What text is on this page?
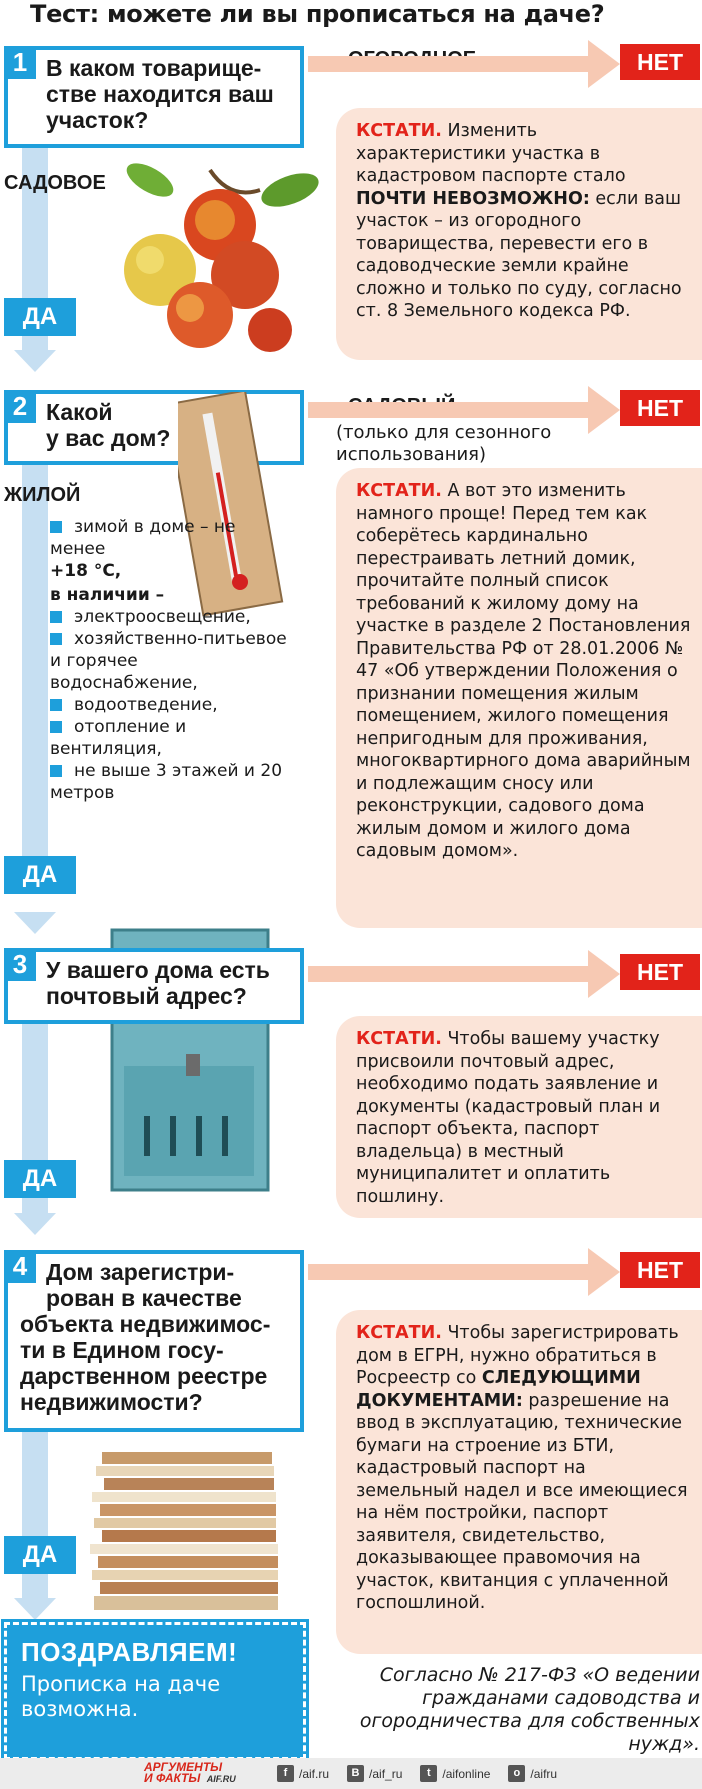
Тест: можете ли вы прописаться на даче?
1 В каком товарище-
стве находится ваш
участок?
САДОВОЕ
НЕТ
КСТАТИ. Изменить характеристики участка в кадастровом паспорте стало ПОЧТИ НЕВОЗМОЖНО: если ваш участок – из огородного товарищества, перевести его в садоводческие земли крайне сложно и только по суду, согласно ст. 8 Земельного кодекса РФ.
ДА
2 Какой
у вас дом?
ЖИЛОЙ
(только для сезонного использования)
НЕТ
зимой в доме – не менее
+18 °С,
в наличии –
электроосвещение,
хозяйственно-питьевое и горячее водоснабжение,
водоотведение,
отопление и вентиляция,
не выше 3 этажей и 20 метров
КСТАТИ. А вот это изменить намного проще! Перед тем как соберётесь кардинально перестраивать летний домик, прочитайте полный список требований к жилому дому на участке в разделе 2 Постановления Правительства РФ от 28.01.2006 № 47 «Об утверждении Положения о признании помещения жилым помещением, жилого помещения непригодным для проживания, многоквартирного дома аварийным и подлежащим сносу или реконструкции, садового дома жилым домом и жилого дома садовым домом».
ДА
3 У вашего дома есть
почтовый адрес?
НЕТ
КСТАТИ. Чтобы вашему участку присвоили почтовый адрес, необходимо подать заявление и документы (кадастровый план и паспорт объекта, паспорт владельца) в местный муниципалитет и оплатить пошлину.
ДА
4 Дом зарегистри-
рован в качестве
объекта недвижимос-
ти в Едином госу-
дарственном реестре
недвижимости?
НЕТ
КСТАТИ. Чтобы зарегистрировать дом в ЕГРН, нужно обратиться в Росреестр со СЛЕДУЮЩИМИ ДОКУМЕНТАМИ: разрешение на ввод в эксплуатацию, технические бумаги на строение из БТИ, кадастровый паспорт на земельный надел и все имеющиеся на нём постройки, паспорт заявителя, свидетельство, доказывающее правомочия на участок, квитанция с уплаченной госпошлиной.
ДА
ПОЗДРАВЛЯЕМ!
Прописка на даче возможна.
Согласно № 217-ФЗ «О ведении гражданами садоводства и огородничества для собственных нужд».
АРГУМЕНТЫ
И ФАКТЫ AIF.RU	f /aif.ru	В /aif_ru	t /aifonline	o /aifru
